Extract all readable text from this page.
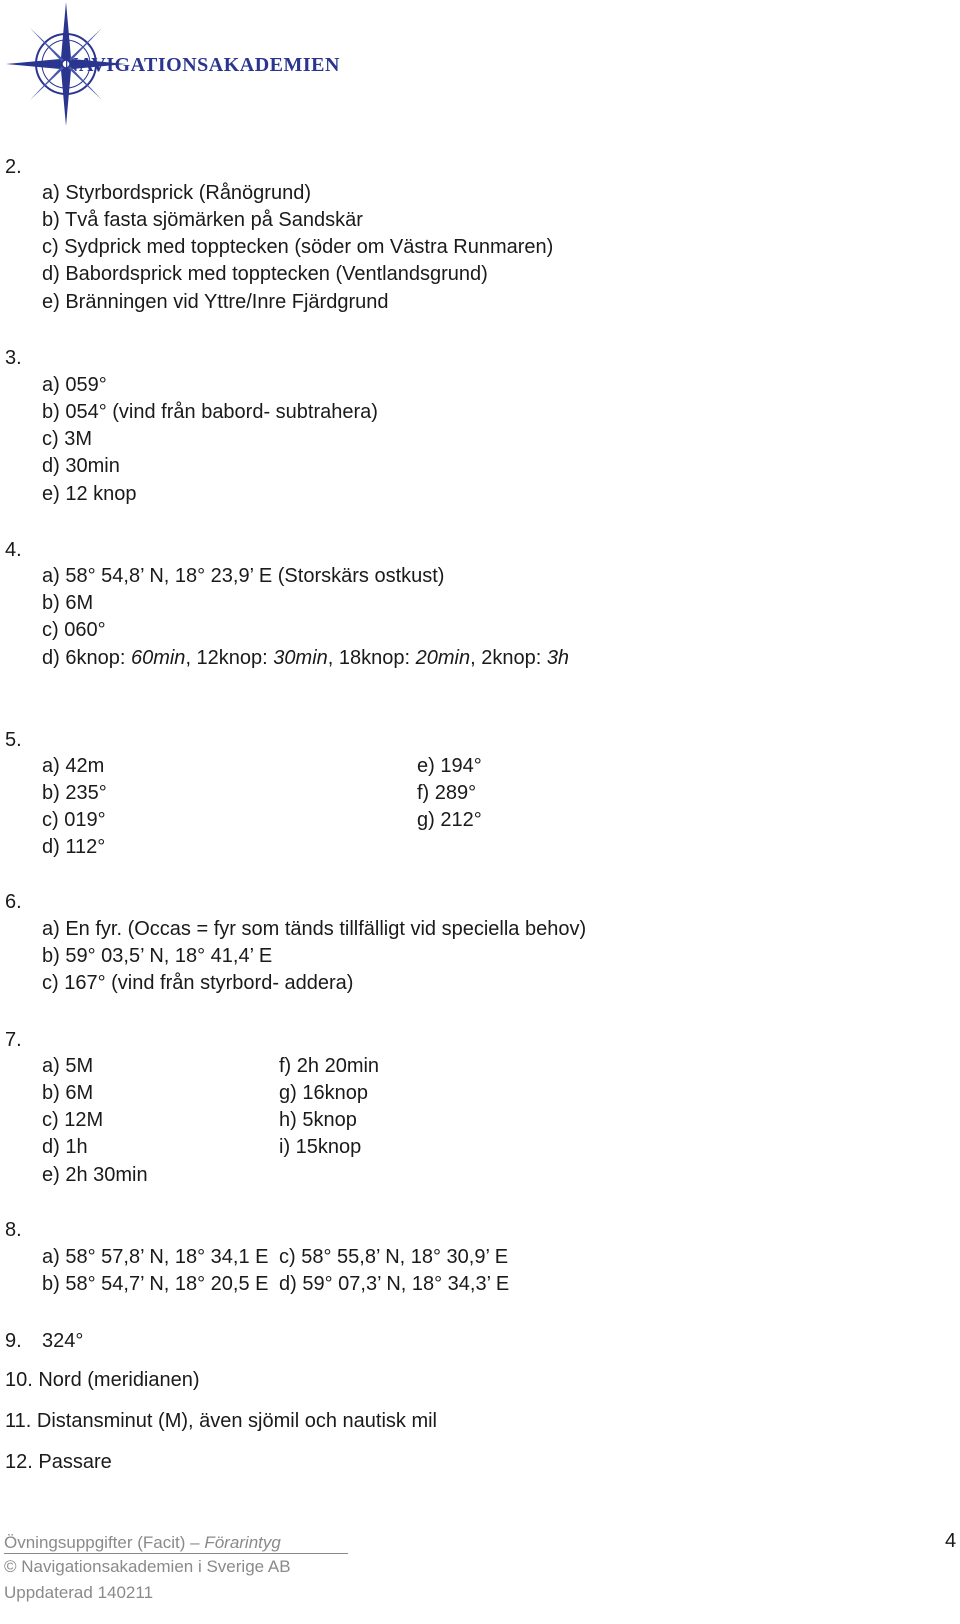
NAVIGATIONSAKADEMIEN
2.
a) Styrbordsprick (Rånögrund)
b) Två fasta sjömärken på Sandskär
c) Sydprick med topptecken (söder om Västra Runmaren)
d) Babordsprick med topptecken (Ventlandsgrund)
e) Bränningen vid Yttre/Inre Fjärdgrund
3.
a) 059°
b) 054° (vind från babord- subtrahera)
c) 3M
d) 30min
e) 12 knop
4.
a) 58° 54,8’ N, 18° 23,9’ E (Storskärs ostkust)
b) 6M
c) 060°
d) 6knop: 60min, 12knop: 30min, 18knop: 20min, 2knop: 3h
5.
a) 42m
b) 235°
c) 019°
d) 112°
e) 194°
f) 289°
g) 212°
6.
a) En fyr. (Occas = fyr som tänds tillfälligt vid speciella behov)
b) 59° 03,5’ N, 18° 41,4’ E
c) 167° (vind från styrbord- addera)
7.
a) 5M
b) 6M
c) 12M
d) 1h
e) 2h 30min
f) 2h 20min
g) 16knop
h) 5knop
i) 15knop
8.
a) 58° 57,8’ N, 18° 34,1 E
b) 58° 54,7’ N, 18° 20,5 E
c) 58° 55,8’ N, 18° 30,9’ E
d) 59° 07,3’ N, 18° 34,3’ E
9. 324°
10. Nord (meridianen)
11. Distansminut (M), även sjömil och nautisk mil
12. Passare
Övningsuppgifter (Facit) – Förarintyg
© Navigationsakademien i Sverige AB
Uppdaterad 140211
4
